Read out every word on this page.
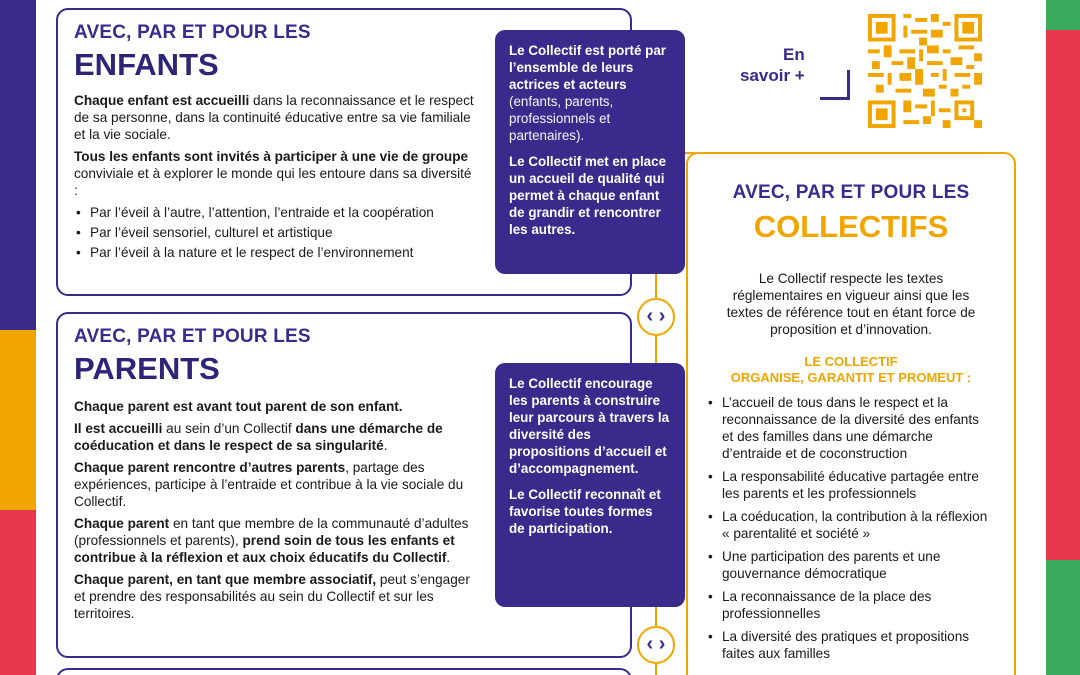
AVEC, PAR ET POUR LES
ENFANTS

Chaque enfant est accueilli dans la reconnaissance et le respect de sa personne, dans la continuité éducative entre sa vie familiale et la vie sociale.

Tous les enfants sont invités à participer à une vie de groupe conviviale et à explorer le monde qui les entoure dans sa diversité :

• Par l’éveil à l’autre, l’attention, l’entraide et la coopération
• Par l’éveil sensoriel, culturel et artistique
• Par l’éveil à la nature et le respect de l’environnement

Le Collectif est porté par l’ensemble de leurs actrices et acteurs (enfants, parents, professionnels et partenaires).

Le Collectif met en place un accueil de qualité qui permet à chaque enfant de grandir et rencontrer les autres.

‹ ›
AVEC, PAR ET POUR LES
PARENTS

Chaque parent est avant tout parent de son enfant.

Il est accueilli au sein d’un Collectif dans une démarche de coéducation et dans le respect de sa singularité.

Chaque parent rencontre d’autres parents, partage des expériences, participe à l’entraide et contribue à la vie sociale du Collectif.

Chaque parent en tant que membre de la communauté d’adultes (professionnels et parents), prend soin de tous les enfants et contribue à la réflexion et aux choix éducatifs du Collectif.

Chaque parent, en tant que membre associatif, peut s’engager et prendre des responsabilités au sein du Collectif et sur les territoires.

Le Collectif encourage les parents à construire leur parcours à travers la diversité des propositions d’accueil et d’accompagnement.

Le Collectif reconnaît et favorise toutes formes de participation.

‹ ›
En
savoir +
AVEC, PAR ET POUR LES
COLLECTIFS
Le Collectif respecte les textes réglementaires en vigueur ainsi que les textes de référence tout en étant force de proposition et d’innovation.
LE COLLECTIF
ORGANISE, GARANTIT ET PROMEUT :
• L’accueil de tous dans le respect et la reconnaissance de la diversité des enfants et des familles dans une démarche d’entraide et de coconstruction
• La responsabilité éducative partagée entre les parents et les professionnels
• La coéducation, la contribution à la réflexion « parentalité et société »
• Une participation des parents et une gouvernance démocratique
• La reconnaissance de la place des professionnelles
• La diversité des pratiques et propositions faites aux familles
